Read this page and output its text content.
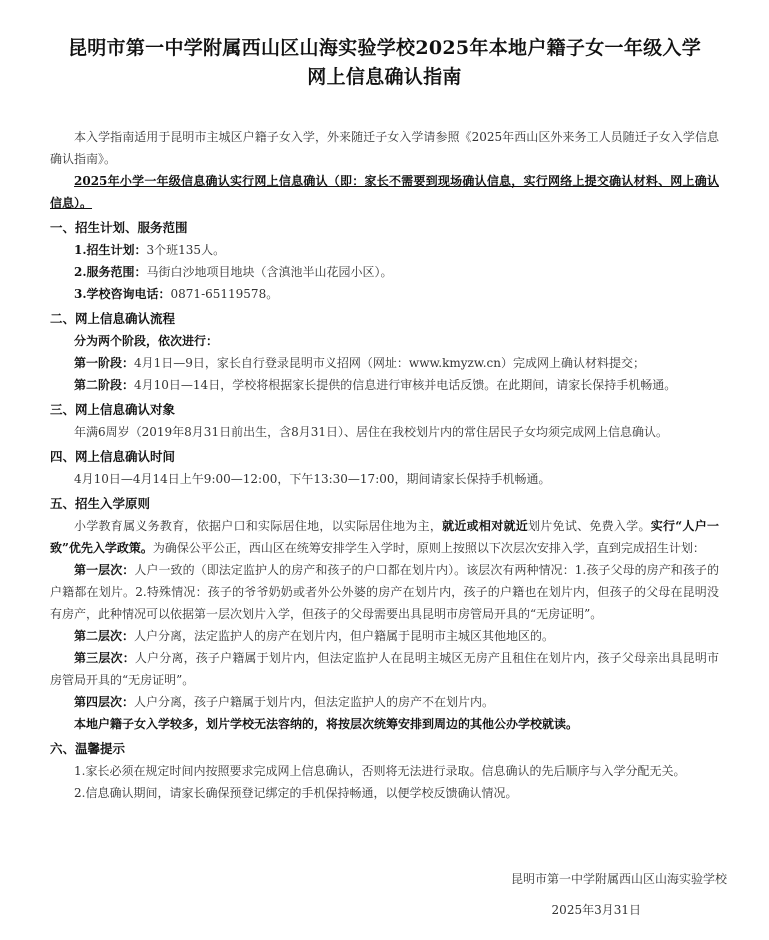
昆明市第一中学附属西山区山海实验学校2025年本地户籍子女一年级入学
网上信息确认指南

本入学指南适用于昆明市主城区户籍子女入学，外来随迁子女入学请参照《2025年西山区外来务工人员随迁子女入学信息确认指南》。

2025年小学一年级信息确认实行网上信息确认（即：家长不需要到现场确认信息，实行网络上提交确认材料、网上确认信息）。

一、招生计划、服务范围

1.招生计划：3个班135人。

2.服务范围：马街白沙地项目地块（含滇池半山花园小区）。

3.学校咨询电话：0871-65119578。

二、网上信息确认流程

分为两个阶段，依次进行：

第一阶段：4月1日—9日，家长自行登录昆明市义招网（网址：www.kmyzw.cn）完成网上确认材料提交；

第二阶段：4月10日—14日，学校将根据家长提供的信息进行审核并电话反馈。在此期间，请家长保持手机畅通。

三、网上信息确认对象

年满6周岁（2019年8月31日前出生，含8月31日）、居住在我校划片内的常住居民子女均须完成网上信息确认。

四、网上信息确认时间

4月10日—4月14日上午9:00—12:00，下午13:30—17:00，期间请家长保持手机畅通。

五、招生入学原则

小学教育属义务教育，依据户口和实际居住地，以实际居住地为主，就近或相对就近划片免试、免费入学。实行“人户一致”优先入学政策。为确保公平公正，西山区在统筹安排学生入学时，原则上按照以下次层次安排入学，直到完成招生计划：

第一层次：人户一致的（即法定监护人的房产和孩子的户口都在划片内）。该层次有两种情况：1.孩子父母的房产和孩子的户籍都在划片。2.特殊情况：孩子的爷爷奶奶或者外公外婆的房产在划片内，孩子的户籍也在划片内，但孩子的父母在昆明没有房产，此种情况可以依据第一层次划片入学，但孩子的父母需要出具昆明市房管局开具的“无房证明”。

第二层次：人户分离，法定监护人的房产在划片内，但户籍属于昆明市主城区其他地区的。

第三层次：人户分离，孩子户籍属于划片内，但法定监护人在昆明主城区无房产且租住在划片内，孩子父母亲出具昆明市房管局开具的“无房证明”。

第四层次：人户分离，孩子户籍属于划片内，但法定监护人的房产不在划片内。

本地户籍子女入学较多，划片学校无法容纳的，将按层次统筹安排到周边的其他公办学校就读。

六、温馨提示

1.家长必须在规定时间内按照要求完成网上信息确认，否则将无法进行录取。信息确认的先后顺序与入学分配无关。

2.信息确认期间，请家长确保预登记绑定的手机保持畅通，以便学校反馈确认情况。

昆明市第一中学附属西山区山海实验学校
2025年3月31日
